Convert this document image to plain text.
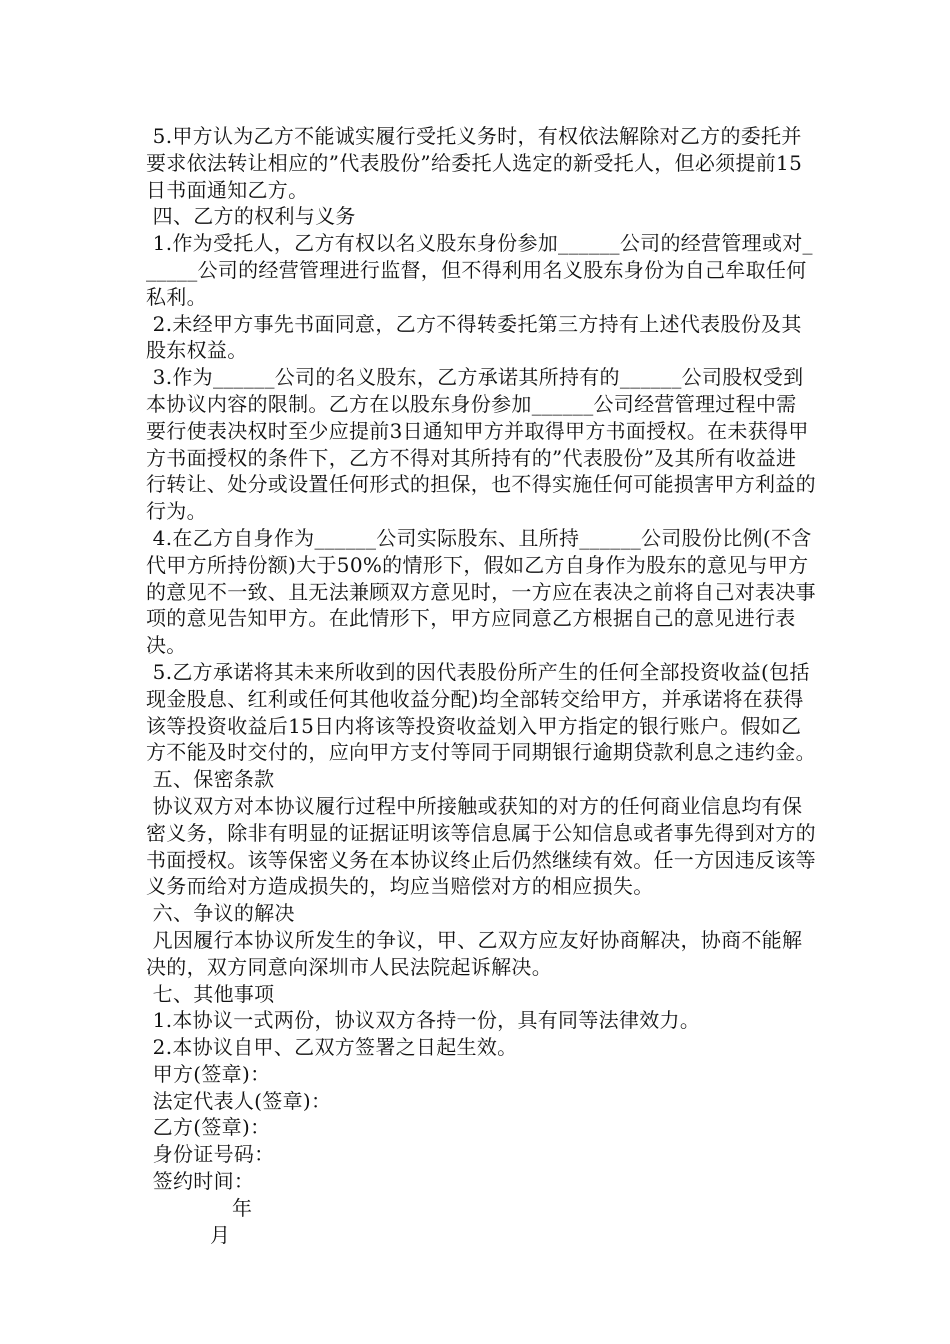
5.甲方认为乙方不能诚实履行受托义务时，有权依法解除对乙方的委托并要求依法转让相应的”代表股份”给委托人选定的新受托人，但必须提前15日书面通知乙方。

四、乙方的权利与义务

1.作为受托人，乙方有权以名义股东身份参加______公司的经营管理或对______公司的经营管理进行监督，但不得利用名义股东身份为自己牟取任何私利。

2.未经甲方事先书面同意，乙方不得转委托第三方持有上述代表股份及其股东权益。

3.作为______公司的名义股东，乙方承诺其所持有的______公司股权受到本协议内容的限制。乙方在以股东身份参加______公司经营管理过程中需要行使表决权时至少应提前3日通知甲方并取得甲方书面授权。在未获得甲方书面授权的条件下，乙方不得对其所持有的”代表股份”及其所有收益进行转让、处分或设置任何形式的担保，也不得实施任何可能损害甲方利益的行为。

4.在乙方自身作为______公司实际股东、且所持______公司股份比例(不含代甲方所持份额)大于50%的情形下，假如乙方自身作为股东的意见与甲方的意见不一致、且无法兼顾双方意见时，一方应在表决之前将自己对表决事项的意见告知甲方。在此情形下，甲方应同意乙方根据自己的意见进行表决。

5.乙方承诺将其未来所收到的因代表股份所产生的任何全部投资收益(包括现金股息、红利或任何其他收益分配)均全部转交给甲方，并承诺将在获得该等投资收益后15日内将该等投资收益划入甲方指定的银行账户。假如乙方不能及时交付的，应向甲方支付等同于同期银行逾期贷款利息之违约金。

五、保密条款

协议双方对本协议履行过程中所接触或获知的对方的任何商业信息均有保密义务，除非有明显的证据证明该等信息属于公知信息或者事先得到对方的书面授权。该等保密义务在本协议终止后仍然继续有效。任一方因违反该等义务而给对方造成损失的，均应当赔偿对方的相应损失。

六、争议的解决

凡因履行本协议所发生的争议，甲、乙双方应友好协商解决，协商不能解决的，双方同意向深圳市人民法院起诉解决。

七、其他事项

1.本协议一式两份，协议双方各持一份，具有同等法律效力。

2.本协议自甲、乙双方签署之日起生效。

甲方(签章)：

法定代表人(签章)：

乙方(签章)：

身份证号码：

签约时间：

年

月
